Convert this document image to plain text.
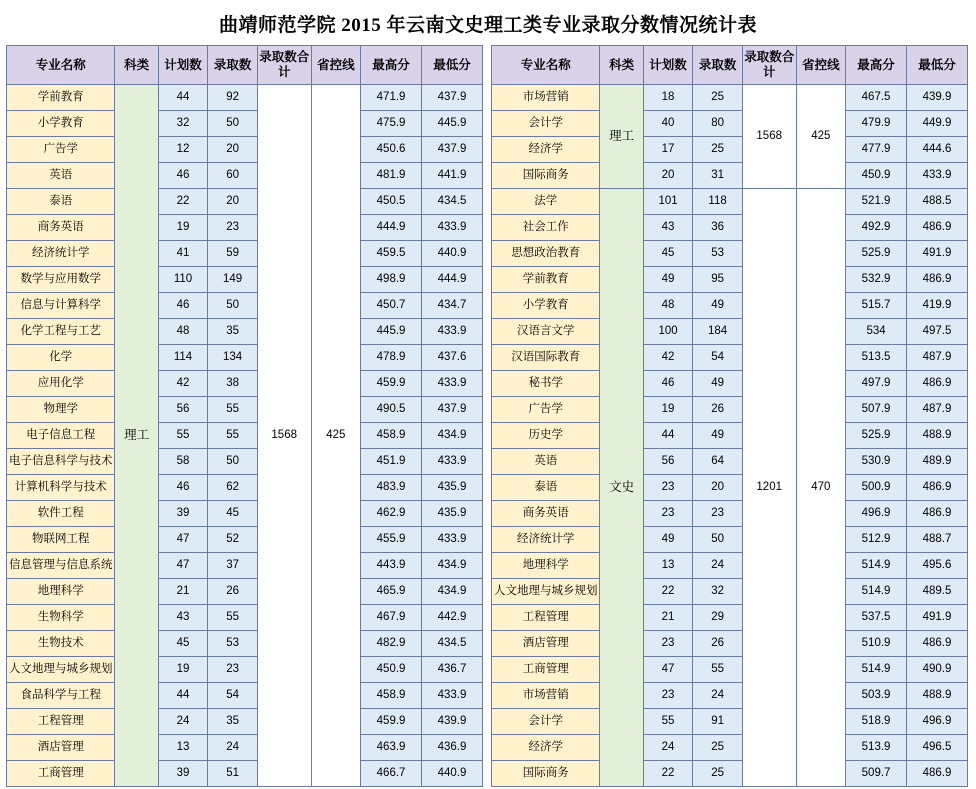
曲靖师范学院 2015 年云南文史理工类专业录取分数情况统计表
专业名称	科类	计划数	录取数	录取数合计	省控线	最高分	最低分
学前教育	理工	44	92	1568	425	471.9	437.9
小学教育		32	50			475.9	445.9
广告学		12	20			450.6	437.9
英语		46	60			481.9	441.9
泰语		22	20			450.5	434.5
商务英语		19	23			444.9	433.9
经济统计学		41	59			459.5	440.9
数学与应用数学		110	149			498.9	444.9
信息与计算科学		46	50			450.7	434.7
化学工程与工艺		48	35			445.9	433.9
化学		114	134			478.9	437.6
应用化学		42	38			459.9	433.9
物理学		56	55			490.5	437.9
电子信息工程		55	55			458.9	434.9
电子信息科学与技术		58	50			451.9	433.9
计算机科学与技术		46	62			483.9	435.9
软件工程		39	45			462.9	435.9
物联网工程		47	52			455.9	433.9
信息管理与信息系统		47	37			443.9	434.9
地理科学		21	26			465.9	434.9
生物科学		43	55			467.9	442.9
生物技术		45	53			482.9	434.5
人文地理与城乡规划		19	23			450.9	436.7
食品科学与工程		44	54			458.9	433.9
工程管理		24	35			459.9	439.9
酒店管理		13	24			463.9	436.9
工商管理		39	51			466.7	440.9
专业名称	科类	计划数	录取数	录取数合计	省控线	最高分	最低分
市场营销	理工	18	25	1568	425	467.5	439.9
会计学		40	80			479.9	449.9
经济学		17	25			477.9	444.6
国际商务		20	31			450.9	433.9
法学	文史	101	118	1201	470	521.9	488.5
社会工作		43	36			492.9	486.9
思想政治教育		45	53			525.9	491.9
学前教育		49	95			532.9	486.9
小学教育		48	49			515.7	419.9
汉语言文学		100	184			534	497.5
汉语国际教育		42	54			513.5	487.9
秘书学		46	49			497.9	486.9
广告学		19	26			507.9	487.9
历史学		44	49			525.9	488.9
英语		56	64			530.9	489.9
泰语		23	20			500.9	486.9
商务英语		23	23			496.9	486.9
经济统计学		49	50			512.9	488.7
地理科学		13	24			514.9	495.6
人文地理与城乡规划		22	32			514.9	489.5
工程管理		21	29			537.5	491.9
酒店管理		23	26			510.9	486.9
工商管理		47	55			514.9	490.9
市场营销		23	24			503.9	488.9
会计学		55	91			518.9	496.9
经济学		24	25			513.9	496.5
国际商务		22	25			509.7	486.9
